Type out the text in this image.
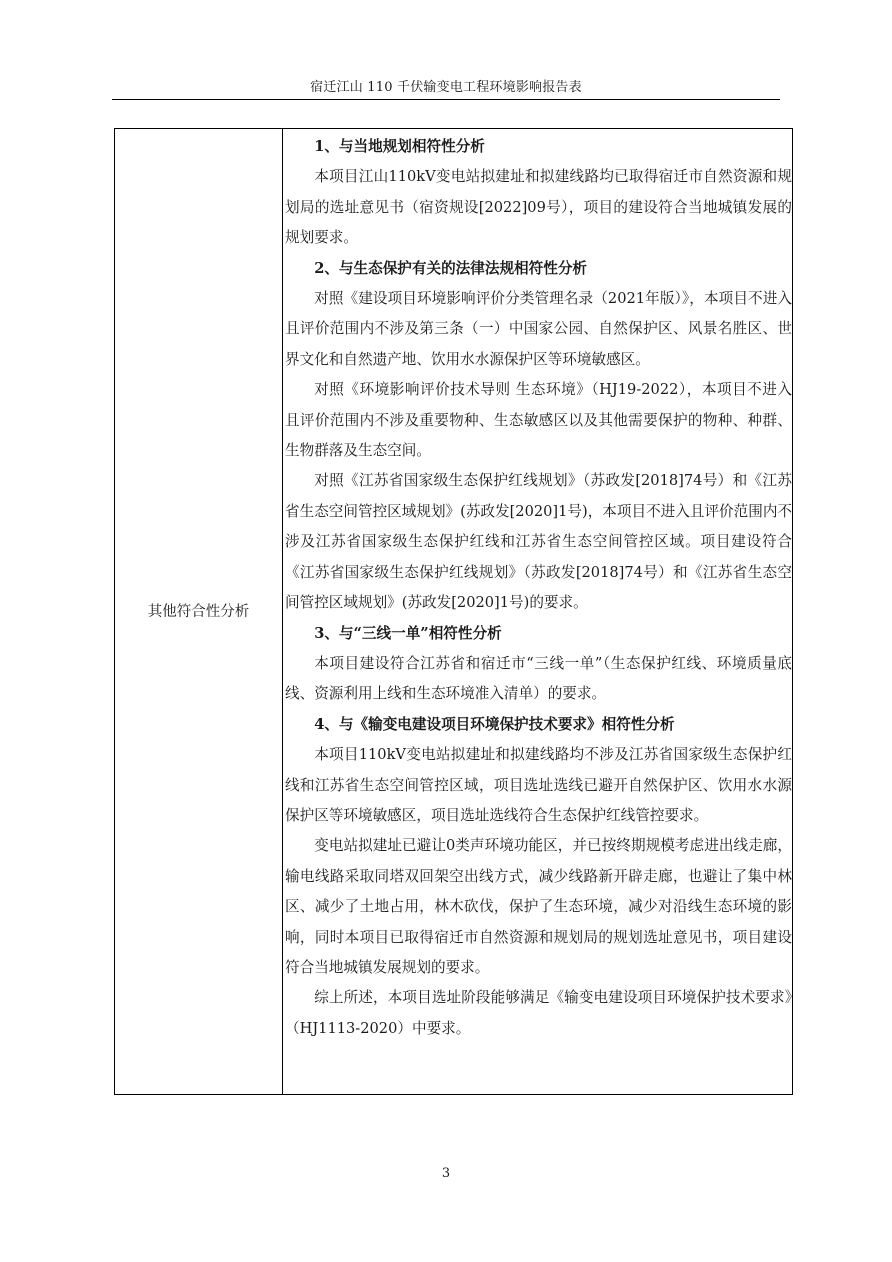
宿迁江山 110 千伏输变电工程环境影响报告表
其他符合性分析
1、与当地规划相符性分析

本项目江山110kV变电站拟建址和拟建线路均已取得宿迁市自然资源和规划局的选址意见书（宿资规设[2022]09号），项目的建设符合当地城镇发展的规划要求。

2、与生态保护有关的法律法规相符性分析

对照《建设项目环境影响评价分类管理名录（2021年版）》，本项目不进入且评价范围内不涉及第三条（一）中国家公园、自然保护区、风景名胜区、世界文化和自然遗产地、饮用水水源保护区等环境敏感区。

对照《环境影响评价技术导则 生态环境》（HJ19-2022），本项目不进入且评价范围内不涉及重要物种、生态敏感区以及其他需要保护的物种、种群、生物群落及生态空间。

对照《江苏省国家级生态保护红线规划》（苏政发[2018]74号）和《江苏省生态空间管控区域规划》(苏政发[2020]1号)，本项目不进入且评价范围内不涉及江苏省国家级生态保护红线和江苏省生态空间管控区域。项目建设符合《江苏省国家级生态保护红线规划》（苏政发[2018]74号）和《江苏省生态空间管控区域规划》(苏政发[2020]1号)的要求。

3、与“三线一单”相符性分析

本项目建设符合江苏省和宿迁市“三线一单”（生态保护红线、环境质量底线、资源利用上线和生态环境准入清单）的要求。

4、与《输变电建设项目环境保护技术要求》相符性分析

本项目110kV变电站拟建址和拟建线路均不涉及江苏省国家级生态保护红线和江苏省生态空间管控区域，项目选址选线已避开自然保护区、饮用水水源保护区等环境敏感区，项目选址选线符合生态保护红线管控要求。

变电站拟建址已避让0类声环境功能区，并已按终期规模考虑进出线走廊，输电线路采取同塔双回架空出线方式，减少线路新开辟走廊，也避让了集中林区、减少了土地占用，林木砍伐，保护了生态环境，减少对沿线生态环境的影响，同时本项目已取得宿迁市自然资源和规划局的规划选址意见书，项目建设符合当地城镇发展规划的要求。

综上所述，本项目选址阶段能够满足《输变电建设项目环境保护技术要求》（HJ1113-2020）中要求。

3
